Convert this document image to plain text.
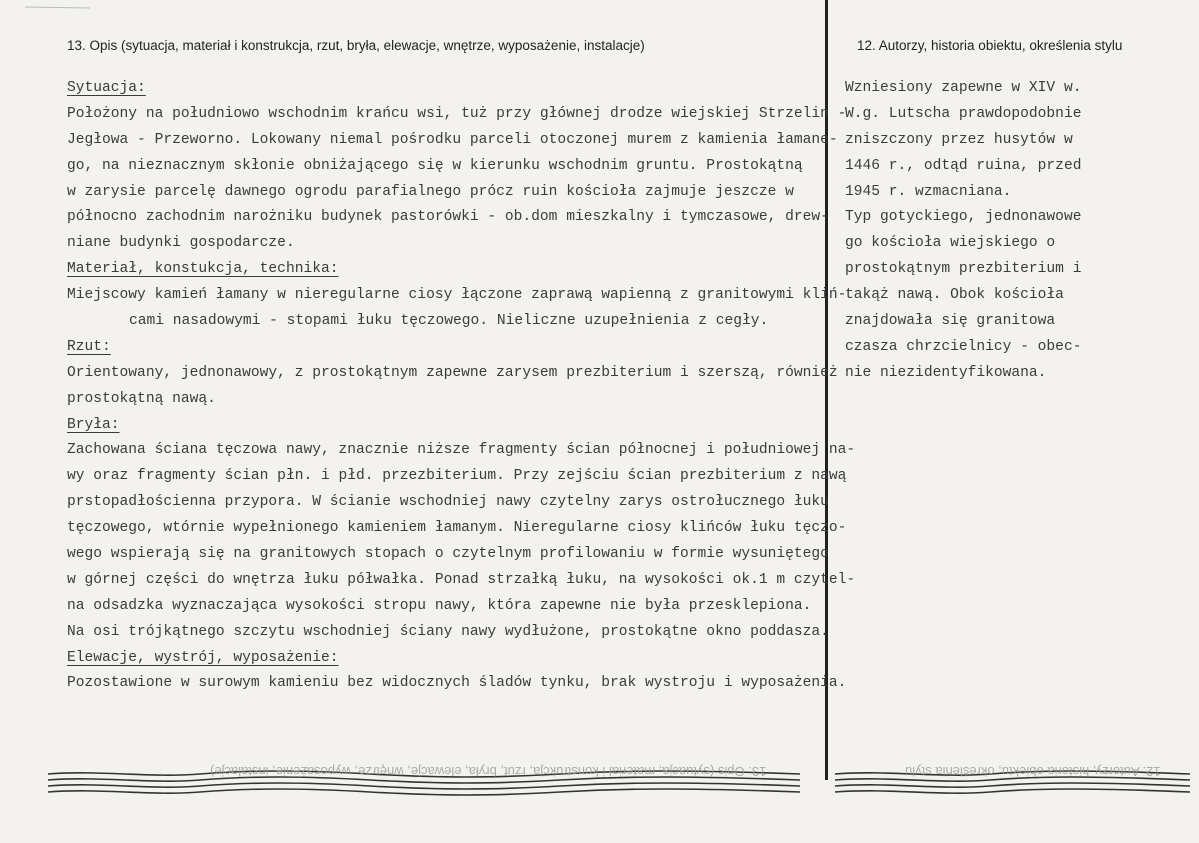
13. Opis (sytuacja, materiał i konstrukcja, rzut, bryła, elewacje, wnętrze, wyposażenie, instalacje)	12. Autorzy, historia obiektu, określenia stylu
Sytuacja:
Położony na południowo wschodnim krańcu wsi, tuż przy głównej drodze wiejskiej Strzelin -
Jegłowa - Przeworno. Lokowany niemal pośrodku parceli otoczonej murem z kamienia łamane-
go, na nieznacznym skłonie obniżającego się w kierunku wschodnim gruntu. Prostokątną
w zarysie parcelę dawnego ogrodu parafialnego prócz ruin kościoła zajmuje jeszcze w
północno zachodnim narożniku budynek pastorówki - ob.dom mieszkalny i tymczasowe, drew-
niane budynki gospodarcze.
Materiał, konstukcja, technika:
Miejscowy kamień łamany w nieregularne ciosy łączone zaprawą wapienną z granitowymi kliń-
cami nasadowymi - stopami łuku tęczowego. Nieliczne uzupełnienia z cegły.
Rzut:
Orientowany, jednonawowy, z prostokątnym zapewne zarysem prezbiterium i szerszą, również
prostokątną nawą.
Bryła:
Zachowana ściana tęczowa nawy, znacznie niższe fragmenty ścian północnej i południowej na-
wy oraz fragmenty ścian płn. i płd. przezbiterium. Przy zejściu ścian prezbiterium z nawą
prstopadłościenna przypora. W ścianie wschodniej nawy czytelny zarys ostrołucznego łuku
tęczowego, wtórnie wypełnionego kamieniem łamanym. Nieregularne ciosy klińców łuku tęczo-
wego wspierają się na granitowych stopach o czytelnym profilowaniu w formie wysuniętego
w górnej części do wnętrza łuku półwałka. Ponad strzałką łuku, na wysokości ok.1 m czytel-
na odsadzka wyznaczająca wysokości stropu nawy, która zapewne nie była przesklepiona.
Na osi trójkątnego szczytu wschodniej ściany nawy wydłużone, prostokątne okno poddasza.
Elewacje, wystrój, wyposażenie:
Pozostawione w surowym kamieniu bez widocznych śladów tynku, brak wystroju i wyposażenia.
Wzniesiony zapewne w XIV w.
W.g. Lutscha prawdopodobnie
zniszczony przez husytów w
1446 r., odtąd ruina, przed
1945 r. wzmacniana.
Typ gotyckiego, jednonawowe
go kościoła wiejskiego o
prostokątnym prezbiterium i
takąż nawą. Obok kościoła
znajdowała się granitowa
czasza chrzcielnicy - obec-
nie niezidentyfikowana.
13. Opis (sytuacja, materiał i konstrukcja, rzut, bryła, elewacje, wnętrze, wyposażenie, instalacje)	12. Autorzy, historia obiektu, określenia stylu
